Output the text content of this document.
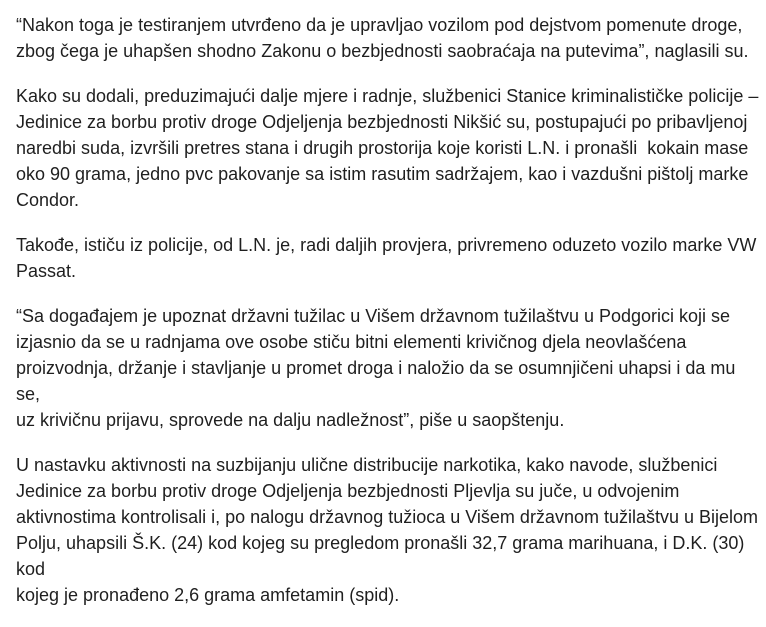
“Nakon toga je testiranjem utvrđeno da je upravljao vozilom pod dejstvom pomenute droge,
zbog čega je uhapšen shodno Zakonu o bezbjednosti saobraćaja na putevima”, naglasili su.

Kako su dodali, preduzimajući dalje mjere i radnje, službenici Stanice kriminalističke policije –
Jedinice za borbu protiv droge Odjeljenja bezbjednosti Nikšić su, postupajući po pribavljenoj
naredbi suda, izvršili pretres stana i drugih prostorija koje koristi L.N. i pronašli  kokain mase
oko 90 grama, jedno pvc pakovanje sa istim rasutim sadržajem, kao i vazdušni pištolj marke
Condor.

Takođe, ističu iz policije, od L.N. je, radi daljih provjera, privremeno oduzeto vozilo marke VW
Passat.

“Sa događajem je upoznat državni tužilac u Višem državnom tužilaštvu u Podgorici koji se
izjasnio da se u radnjama ove osobe stiču bitni elementi krivičnog djela neovlašćena
proizvodnja, držanje i stavljanje u promet droga i naložio da se osumnjičeni uhapsi i da mu se,
uz krivičnu prijavu, sprovede na dalju nadležnost”, piše u saopštenju.

U nastavku aktivnosti na suzbijanju ulične distribucije narkotika, kako navode, službenici
Jedinice za borbu protiv droge Odjeljenja bezbjednosti Pljevlja su juče, u odvojenim
aktivnostima kontrolisali i, po nalogu državnog tužioca u Višem državnom tužilaštvu u Bijelom
Polju, uhapsili Š.K. (24) kod kojeg su pregledom pronašli 32,7 grama marihuana, i D.K. (30) kod
kojeg je pronađeno 2,6 grama amfetamin (spid).
